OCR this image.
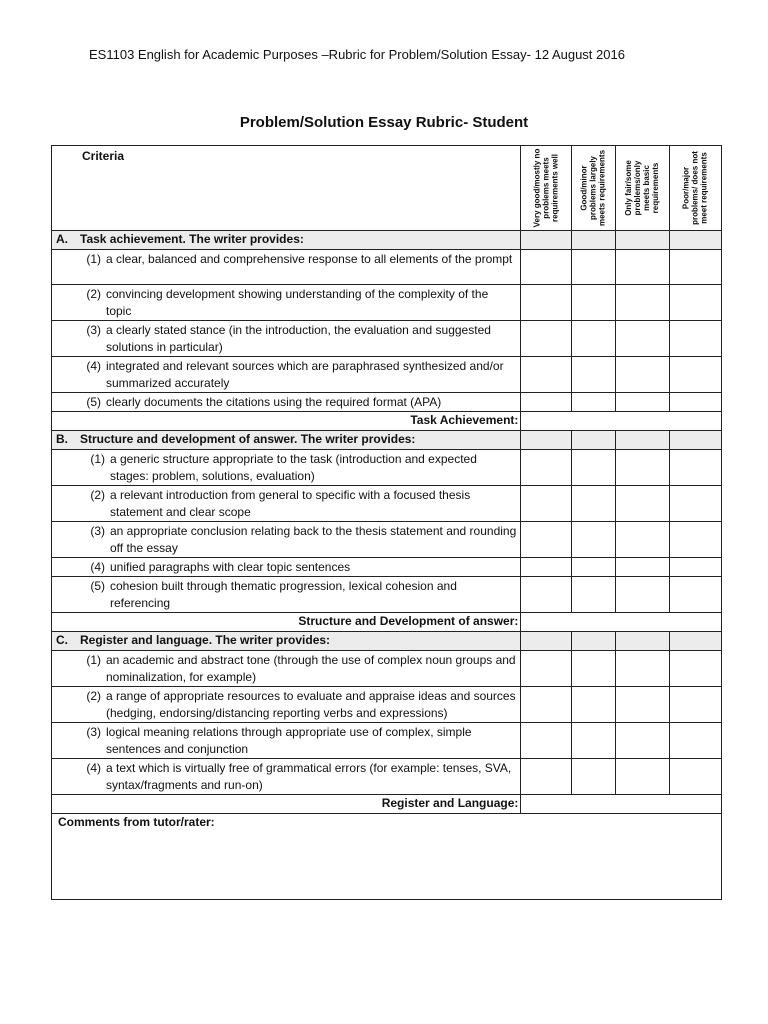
ES1103 English for Academic Purposes –Rubric for Problem/Solution Essay- 12 August 2016
Problem/Solution Essay Rubric- Student
Criteria	Very good/mostly no problems meets requirements well	Good/minor problems largely meets requirements	Only fair/some problems/only meets basic requirements	Poor/major problems/ does not meet requirements

A. Task achievement. The writer provides:				

(1) a clear, balanced and comprehensive response to all elements of the prompt				

(2) convincing development showing understanding of the complexity of the topic				

(3) a clearly stated stance (in the introduction, the evaluation and suggested solutions in particular)				

(4) integrated and relevant sources which are paraphrased synthesized and/or summarized accurately				

(5) clearly documents the citations using the required format (APA)				

Task Achievement:				
B. Structure and development of answer. The writer provides:				

(1) a generic structure appropriate to the task (introduction and expected stages: problem, solutions, evaluation)				

(2) a relevant introduction from general to specific with a focused thesis statement and clear scope				

(3) an appropriate conclusion relating back to the thesis statement and rounding off the essay				

(4) unified paragraphs with clear topic sentences				

(5) cohesion built through thematic progression, lexical cohesion and referencing				

Structure and Development of answer:				
C. Register and language. The writer provides:				

(1) an academic and abstract tone (through the use of complex noun groups and nominalization, for example)				

(2) a range of appropriate resources to evaluate and appraise ideas and sources (hedging, endorsing/distancing reporting verbs and expressions)				

(3) logical meaning relations through appropriate use of complex, simple sentences and conjunction				

(4) a text which is virtually free of grammatical errors (for example: tenses, SVA, syntax/fragments and run-on)				

Register and Language:				

Comments from tutor/rater:				
